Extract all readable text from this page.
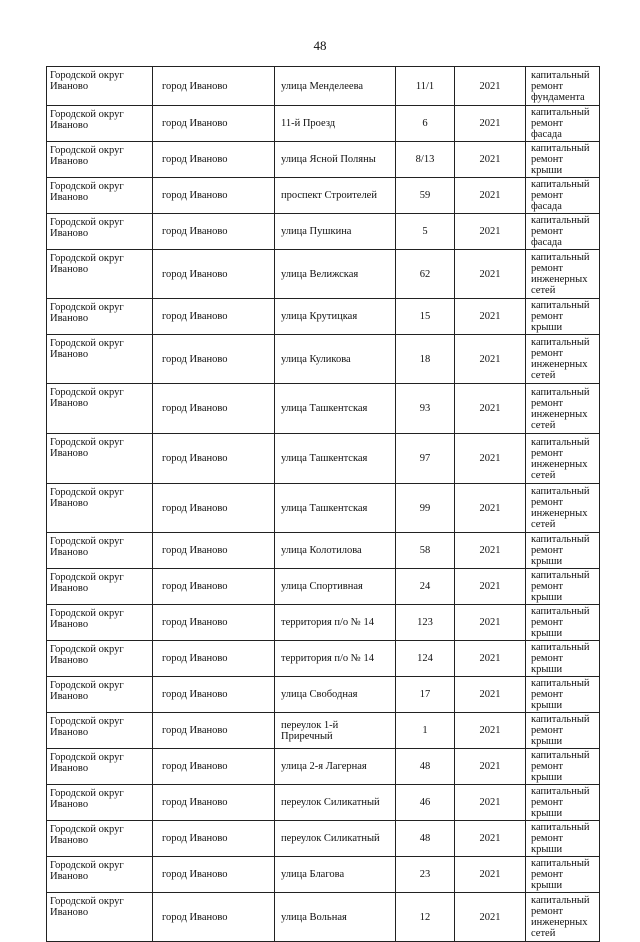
48
Городской округ Иваново	город Иваново	улица Менделеева	11/1	2021	капитальный ремонт фундамента
Городской округ Иваново	город Иваново	11-й Проезд	6	2021	капитальный ремонт фасада
Городской округ Иваново	город Иваново	улица Ясной Поляны	8/13	2021	капитальный ремонт крыши
Городской округ Иваново	город Иваново	проспект Строителей	59	2021	капитальный ремонт фасада
Городской округ Иваново	город Иваново	улица Пушкина	5	2021	капитальный ремонт фасада
Городской округ Иваново	город Иваново	улица Велижская	62	2021	капитальный ремонт инженерных сетей
Городской округ Иваново	город Иваново	улица Крутицкая	15	2021	капитальный ремонт крыши
Городской округ Иваново	город Иваново	улица Куликова	18	2021	капитальный ремонт инженерных сетей
Городской округ Иваново	город Иваново	улица Ташкентская	93	2021	капитальный ремонт инженерных сетей
Городской округ Иваново	город Иваново	улица Ташкентская	97	2021	капитальный ремонт инженерных сетей
Городской округ Иваново	город Иваново	улица Ташкентская	99	2021	капитальный ремонт инженерных сетей
Городской округ Иваново	город Иваново	улица Колотилова	58	2021	капитальный ремонт крыши
Городской округ Иваново	город Иваново	улица Спортивная	24	2021	капитальный ремонт крыши
Городской округ Иваново	город Иваново	территория п/о № 14	123	2021	капитальный ремонт крыши
Городской округ Иваново	город Иваново	территория п/о № 14	124	2021	капитальный ремонт крыши
Городской округ Иваново	город Иваново	улица Свободная	17	2021	капитальный ремонт крыши
Городской округ Иваново	город Иваново	переулок 1-й Приречный	1	2021	капитальный ремонт крыши
Городской округ Иваново	город Иваново	улица 2-я Лагерная	48	2021	капитальный ремонт крыши
Городской округ Иваново	город Иваново	переулок Силикатный	46	2021	капитальный ремонт крыши
Городской округ Иваново	город Иваново	переулок Силикатный	48	2021	капитальный ремонт крыши
Городской округ Иваново	город Иваново	улица Благова	23	2021	капитальный ремонт крыши
Городской округ Иваново	город Иваново	улица Вольная	12	2021	капитальный ремонт инженерных сетей
